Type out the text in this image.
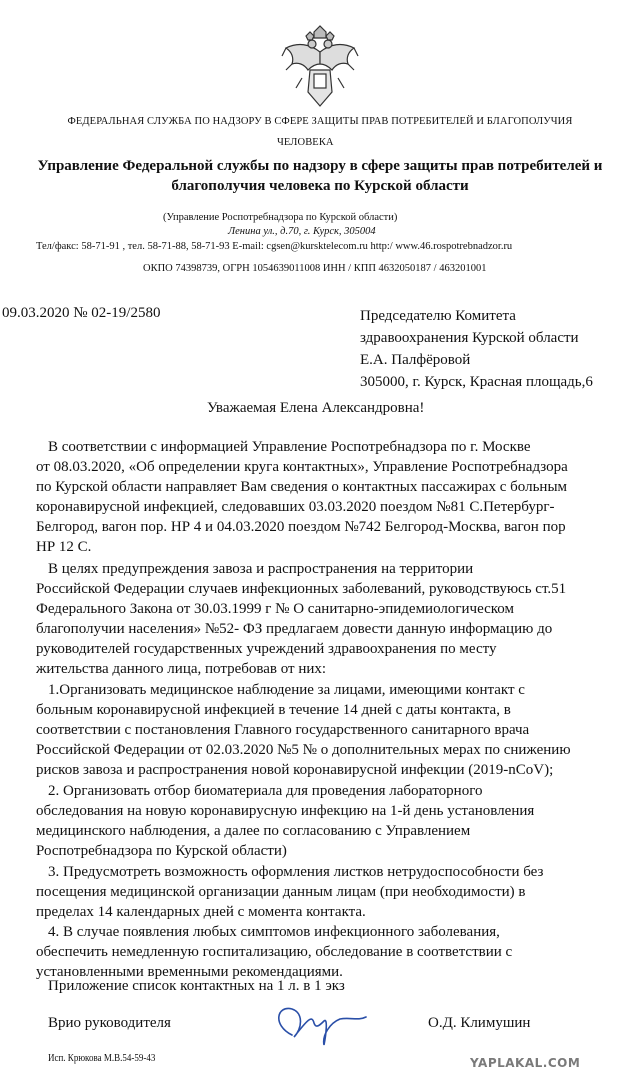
ФЕДЕРАЛЬНАЯ СЛУЖБА ПО НАДЗОРУ В СФЕРЕ ЗАЩИТЫ ПРАВ ПОТРЕБИТЕЛЕЙ И БЛАГОПОЛУЧИЯ
ЧЕЛОВЕКА
Управление Федеральной службы по надзору в сфере защиты прав потребителей и
благополучия человека по Курской области
(Управление Роспотребнадзора по Курской области)
Ленина ул., д.70, г. Курск, 305004
Тел/факс: 58-71-91 , тел. 58-71-88, 58-71-93 E-mail: cgsen@kursktelecom.ru http:/ www.46.rospotrebnadzor.ru
ОКПО 74398739, ОГРН 1054639011008 ИНН / КПП 4632050187 / 463201001
09.03.2020 № 02-19/2580	Председателю Комитета
здравоохранения Курской области
Е.А. Палфёровой
305000, г. Курск, Красная площадь,6
Уважаемая Елена Александровна!
В соответствии с информацией Управление Роспотребнадзора по г. Москве
от 08.03.2020, «Об определении круга контактных», Управление Роспотребнадзора
по Курской области направляет Вам сведения о контактных пассажирах с больным
коронавирусной инфекцией, следовавших 03.03.2020 поездом №81 С.Петербург-
Белгород, вагон пор. НР 4 и 04.03.2020 поездом №742 Белгород-Москва, вагон пор
НР 12 С.
В целях предупреждения завоза и распространения на территории
Российской Федерации случаев инфекционных заболеваний, руководствуюсь ст.51
Федерального Закона от 30.03.1999 г № О санитарно-эпидемиологическом
благополучии населения» №52- ФЗ предлагаем довести данную информацию до
руководителей государственных учреждений здравоохранения по месту
жительства данного лица, потребовав от них:
1.Организовать медицинское наблюдение за лицами, имеющими контакт с
больным коронавирусной инфекцией в течение 14 дней с даты контакта, в
соответствии с постановления Главного государственного санитарного врача
Российской Федерации от 02.03.2020 №5 № о дополнительных мерах по снижению
рисков завоза и распространения новой коронавирусной инфекции (2019-nCoV);
2. Организовать отбор биоматериала для проведения лабораторного
обследования на новую коронавирусную инфекцию на 1-й день установления
медицинского наблюдения, а далее по согласованию с Управлением
Роспотребнадзора по Курской области)
3. Предусмотреть возможность оформления листков нетрудоспособности без
посещения медицинской организации данным лицам (при необходимости) в
пределах 14 календарных дней с момента контакта.
4. В случае появления любых симптомов инфекционного заболевания,
обеспечить немедленную госпитализацию, обследование в соответствии с
установленными временными рекомендациями.
Приложение список контактных на 1 л. в 1 экз
Врио руководителя	О.Д. Климушин
Исп. Крюкова М.В.54-59-43	YAPLAKAL.COM
